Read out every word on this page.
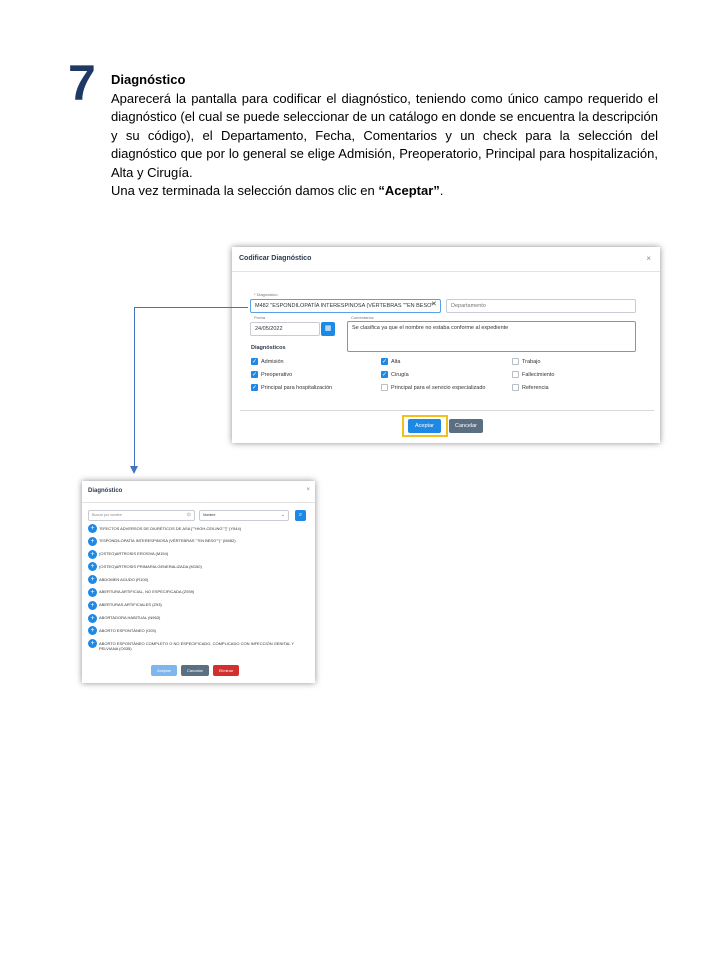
7 Diagnóstico
Aparecerá la pantalla para codificar el diagnóstico, teniendo como único campo requerido el diagnóstico (el cual se puede seleccionar de un catálogo en donde se encuentra la descripción y su código), el Departamento, Fecha, Comentarios y un check para la selección del diagnóstico que por lo general se elige Admisión, Preoperatorio, Principal para hospitalización, Alta y Cirugía.
Una vez terminada la selección damos clic en “Aceptar”.
Codificar Diagnóstico	×
* Diagnóstico
M482 "ESPONDILOPATÍA INTERESPINOSA (VÉRTEBRAS ""EN BESO"
✕	Departamento
Fecha
24/05/2022	▦
Comentarios
Se clasifica ya que el nombre no estaba conforme al expediente
Diagnósticos
✓ Admisión	✓ Alta	Trabajo
✓ Preoperativo	✓ Cirugía	Fallecimiento
✓ Principal para hospitalización	Principal para el servicio especializado	Referencia
Aceptar	Cancelar
Diagnóstico	×
Buscar por nombre	⊙	Nombre	⌄	⌕
+	"EFECTOS ADVERSOS DE DIURÉTICOS DE ASA [""HIGH-CEILING""]" (Y544)
+	"ESPONDILOPATÍA INTERESPINOSA (VÉRTEBRAS ""EN BESO"")" (M482)
+	(OSTEO)ARTROSIS EROSIVA (M154)
+	(OSTEO)ARTROSIS PRIMARIA GENERALIZADA (M150)
+	ABDOMEN AGUDO (R100)
+	ABERTURA ARTIFICIAL, NO ESPECIFICADA (Z939)
+	ABERTURAS ARTIFICIALES (Z93)
+	ABORTADORA HABITUAL (N963)
+	ABORTO ESPONTÁNEO (O03)
+	ABORTO ESPONTÁNEO COMPLETO O NO ESPECIFICADO, COMPLICADO CON INFECCIÓN GENITAL Y PELVIANA (O035)
Aceptar	Cancelar	Eliminar
